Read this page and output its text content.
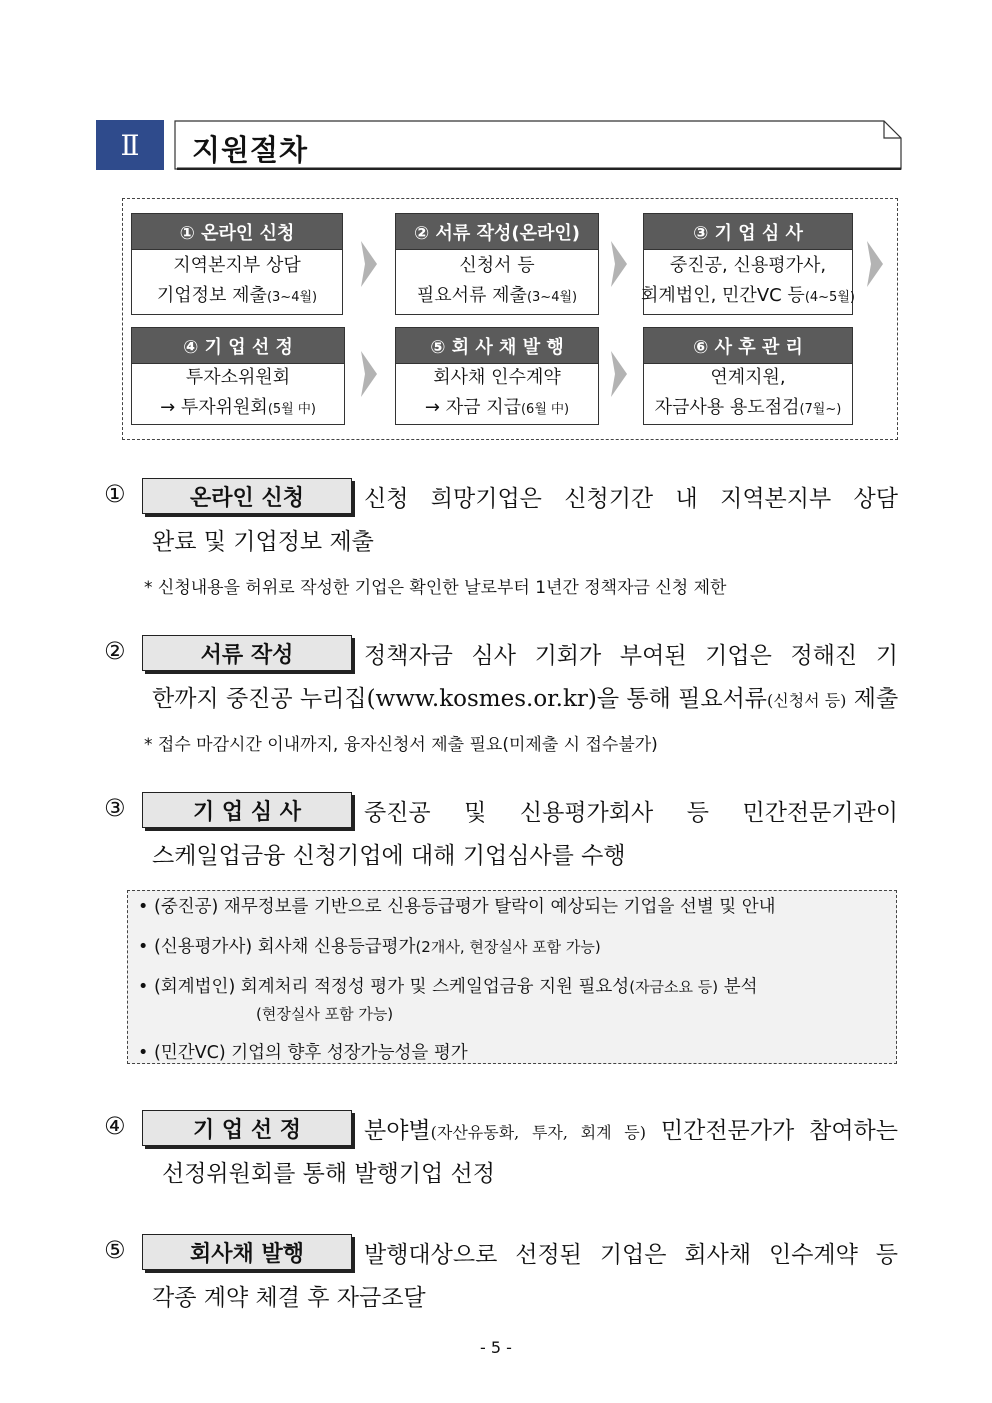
Ⅱ	지원절차
① 온라인 신청
지역본지부 상담
기업정보 제출(3~4월)
② 서류 작성(온라인)
신청서 등
필요서류 제출(3~4월)
③ 기 업 심 사
중진공, 신용평가사,
회계법인, 민간VC 등(4~5월)
④ 기 업 선 정
투자소위원회
→ 투자위원회(5월 中)
⑤ 회 사 채 발 행
회사채 인수계약
→ 자금 지급(6월 中)
⑥ 사 후 관 리
연계지원,
자금사용 용도점검(7월~)
①	온라인 신청	신청 희망기업은 신청기간 내 지역본지부 상담
완료 및 기업정보 제출
* 신청내용을 허위로 작성한 기업은 확인한 날로부터 1년간 정책자금 신청 제한
②	서류 작성	정책자금 심사 기회가 부여된 기업은 정해진 기
한까지 중진공 누리집(www.kosmes.or.kr)을 통해 필요서류(신청서 등) 제출
* 접수 마감시간 이내까지, 융자신청서 제출 필요(미제출 시 접수불가)
③	기 업 심 사	중진공 및 신용평가회사 등 민간전문기관이
스케일업금융 신청기업에 대해 기업심사를 수행
• (중진공) 재무정보를 기반으로 신용등급평가 탈락이 예상되는 기업을 선별 및 안내
• (신용평가사) 회사채 신용등급평가(2개사, 현장실사 포함 가능)
• (회계법인) 회계처리 적정성 평가 및 스케일업금융 지원 필요성(자금소요 등) 분석
(현장실사 포함 가능)
• (민간VC) 기업의 향후 성장가능성을 평가
④	기 업 선 정	분야별(자산유동화, 투자, 회계 등) 민간전문가가 참여하는
선정위원회를 통해 발행기업 선정
⑤	회사채 발행	발행대상으로 선정된 기업은 회사채 인수계약 등
각종 계약 체결 후 자금조달
- 5 -
